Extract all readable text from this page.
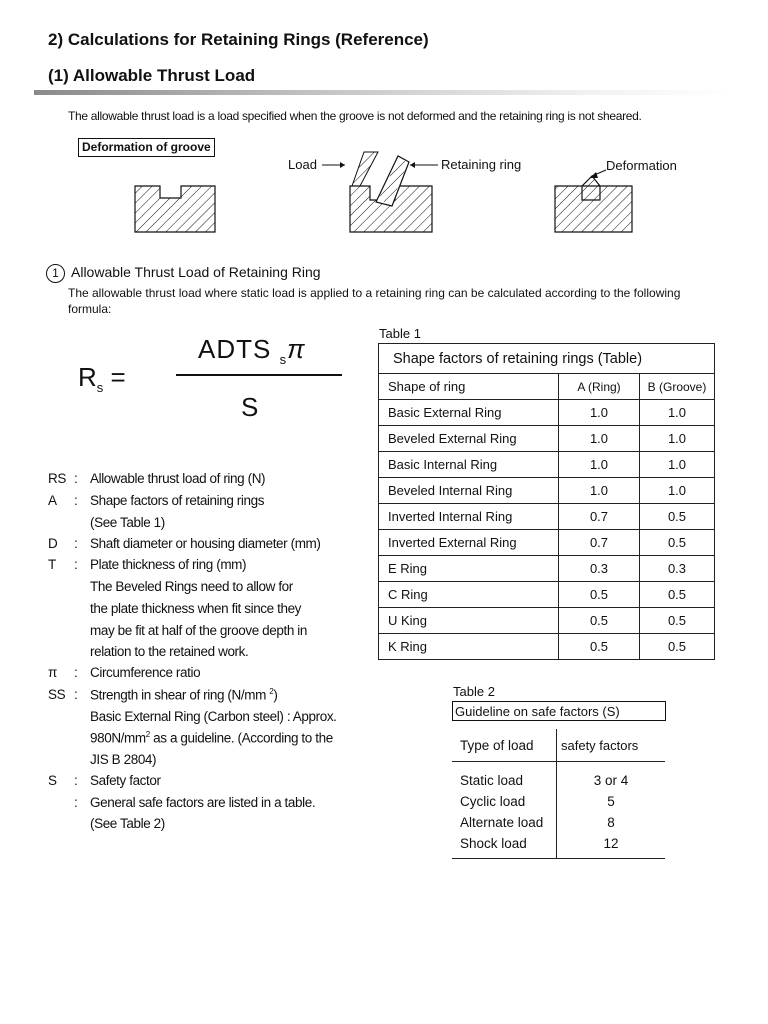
2) Calculations for Retaining Rings (Reference)
(1) Allowable Thrust Load
The allowable thrust load is a load specified when the groove is not deformed and the retaining ring is not sheared.
Deformation of groove
Load	Retaining ring	Deformation
1 Allowable Thrust Load of Retaining Ring
The allowable thrust load where static load is applied to a retaining ring can be calculated according to the following formula:
$R_s$ =
ADTS $_s$π
S
RS : Allowable thrust load of ring (N)
A : Shape factors of retaining rings
(See Table 1)
D : Shaft diameter or housing diameter (mm)
T : Plate thickness of ring (mm)
The Beveled Rings need to allow for
the plate thickness when fit since they
may be fit at half of the groove depth in
relation to the retained work.
π : Circumference ratio
SS : Strength in shear of ring (N/mm $^2$)
Basic External Ring (Carbon steel) : Approx.
$980N/mm^2$ as a guideline. (According to the
JIS B 2804)
S : Safety factor
: General safe factors are listed in a table.
(See Table 2)
Table 1
Shape factors of retaining rings (Table)		
Shape of ring	A (Ring)	B (Groove)
Basic External Ring	1.0	1.0
Beveled External Ring	1.0	1.0
Basic Internal Ring	1.0	1.0
Beveled Internal Ring	1.0	1.0
Inverted Internal Ring	0.7	0.5
Inverted External Ring	0.7	0.5
E Ring	0.3	0.3
C Ring	0.5	0.5
U King	0.5	0.5
K Ring	0.5	0.5
Table 2
Guideline on safe factors (S)
Type of load	safety factors
Static load	3 or 4
Cyclic load	5
Alternate load	8
Shock load	12
